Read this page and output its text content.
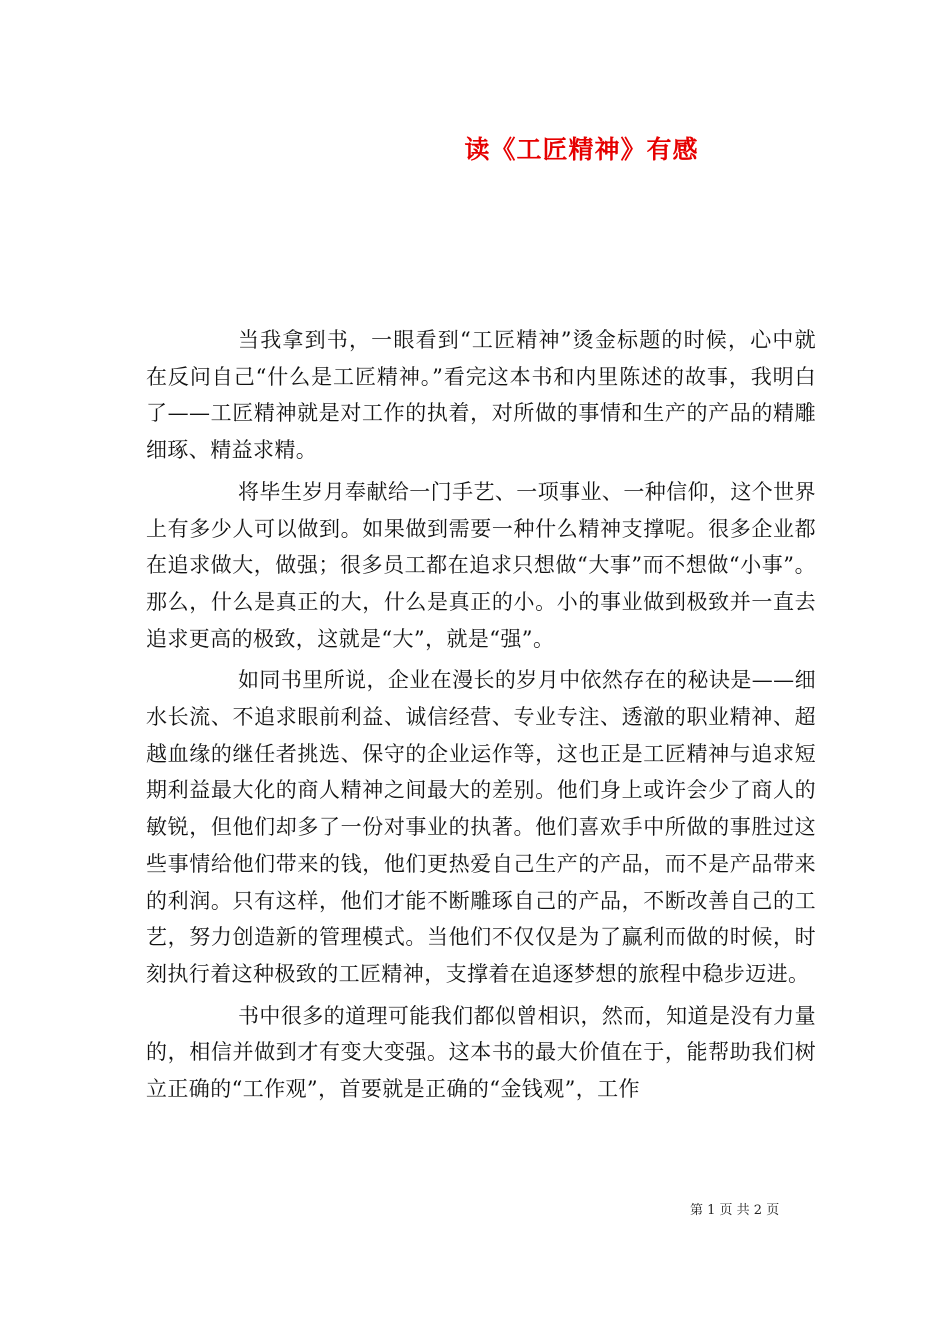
读《工匠精神》有感

当我拿到书，一眼看到“工匠精神”烫金标题的时候，心中就在反问自己“什么是工匠精神。”看完这本书和内里陈述的故事，我明白了——工匠精神就是对工作的执着，对所做的事情和生产的产品的精雕细琢、精益求精。

将毕生岁月奉献给一门手艺、一项事业、一种信仰，这个世界上有多少人可以做到。如果做到需要一种什么精神支撑呢。很多企业都在追求做大，做强；很多员工都在追求只想做“大事”而不想做“小事”。那么，什么是真正的大，什么是真正的小。小的事业做到极致并一直去追求更高的极致，这就是“大”，就是“强”。

如同书里所说，企业在漫长的岁月中依然存在的秘诀是——细水长流、不追求眼前利益、诚信经营、专业专注、透澈的职业精神、超越血缘的继任者挑选、保守的企业运作等，这也正是工匠精神与追求短期利益最大化的商人精神之间最大的差别。他们身上或许会少了商人的敏锐，但他们却多了一份对事业的执著。他们喜欢手中所做的事胜过这些事情给他们带来的钱，他们更热爱自己生产的产品，而不是产品带来的利润。只有这样，他们才能不断雕琢自己的产品，不断改善自己的工艺，努力创造新的管理模式。当他们不仅仅是为了赢利而做的时候，时刻执行着这种极致的工匠精神，支撑着在追逐梦想的旅程中稳步迈进。

书中很多的道理可能我们都似曾相识，然而，知道是没有力量的，相信并做到才有变大变强。这本书的最大价值在于，能帮助我们树立正确的“工作观”，首要就是正确的“金钱观”，工作

第 1 页 共 2 页
